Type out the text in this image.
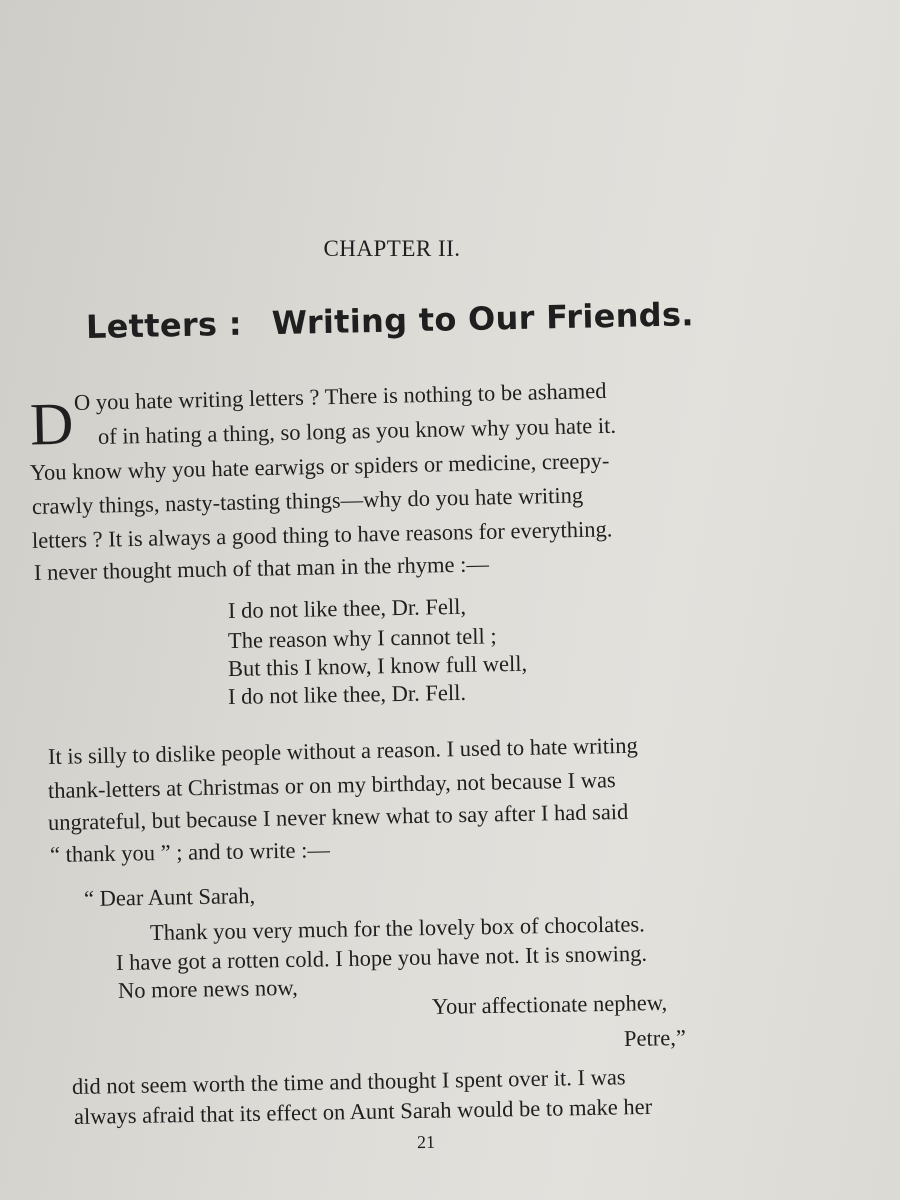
CHAPTER II.
Letters : Writing to Our Friends.
D O you hate writing letters ? There is nothing to be ashamed
of in hating a thing, so long as you know why you hate it.
You know why you hate earwigs or spiders or medicine, creepy-
crawly things, nasty-tasting things—why do you hate writing
letters ? It is always a good thing to have reasons for everything.
I never thought much of that man in the rhyme :—
I do not like thee, Dr. Fell,
The reason why I cannot tell ;
But this I know, I know full well,
I do not like thee, Dr. Fell.
It is silly to dislike people without a reason. I used to hate writing
thank-letters at Christmas or on my birthday, not because I was
ungrateful, but because I never knew what to say after I had said
“ thank you ” ; and to write :—
“ Dear Aunt Sarah,
Thank you very much for the lovely box of chocolates.
I have got a rotten cold. I hope you have not. It is snowing.
No more news now,
Your affectionate nephew,
Petre,”
did not seem worth the time and thought I spent over it. I was
always afraid that its effect on Aunt Sarah would be to make her
21
